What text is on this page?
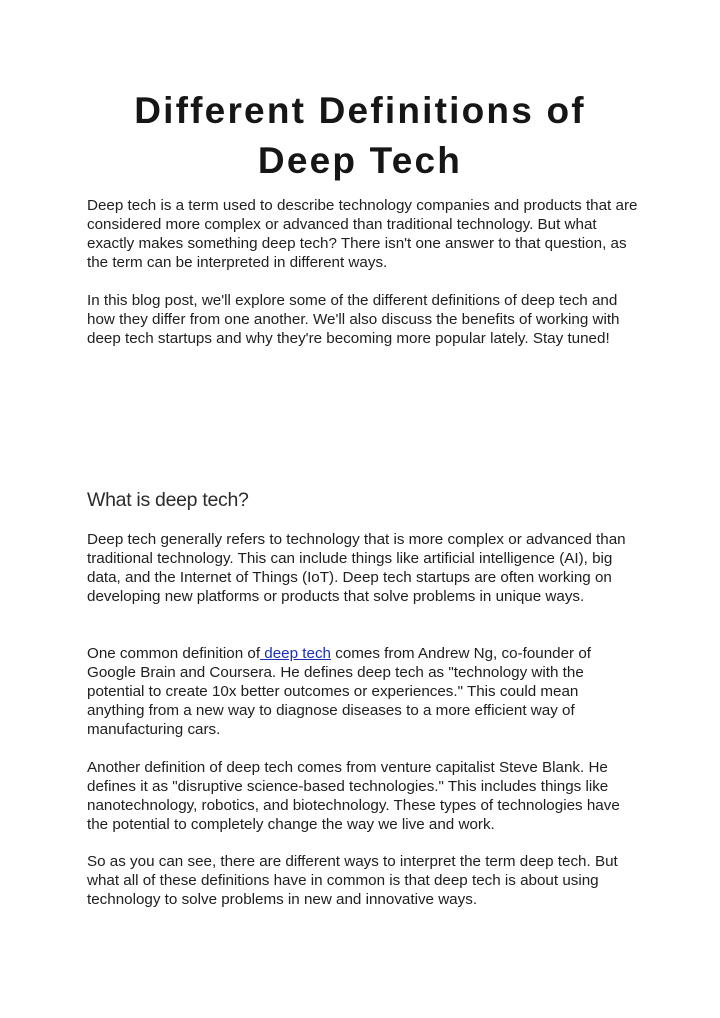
Different Definitions of Deep Tech

Deep tech is a term used to describe technology companies and products that are considered more complex or advanced than traditional technology. But what exactly makes something deep tech? There isn't one answer to that question, as the term can be interpreted in different ways.

In this blog post, we'll explore some of the different definitions of deep tech and how they differ from one another. We'll also discuss the benefits of working with deep tech startups and why they're becoming more popular lately. Stay tuned!

What is deep tech?

Deep tech generally refers to technology that is more complex or advanced than traditional technology. This can include things like artificial intelligence (AI), big data, and the Internet of Things (IoT). Deep tech startups are often working on developing new platforms or products that solve problems in unique ways.

One common definition of deep tech comes from Andrew Ng, co-founder of Google Brain and Coursera. He defines deep tech as "technology with the potential to create 10x better outcomes or experiences." This could mean anything from a new way to diagnose diseases to a more efficient way of manufacturing cars.

Another definition of deep tech comes from venture capitalist Steve Blank. He defines it as "disruptive science-based technologies." This includes things like nanotechnology, robotics, and biotechnology. These types of technologies have the potential to completely change the way we live and work.

So as you can see, there are different ways to interpret the term deep tech. But what all of these definitions have in common is that deep tech is about using technology to solve problems in new and innovative ways.
